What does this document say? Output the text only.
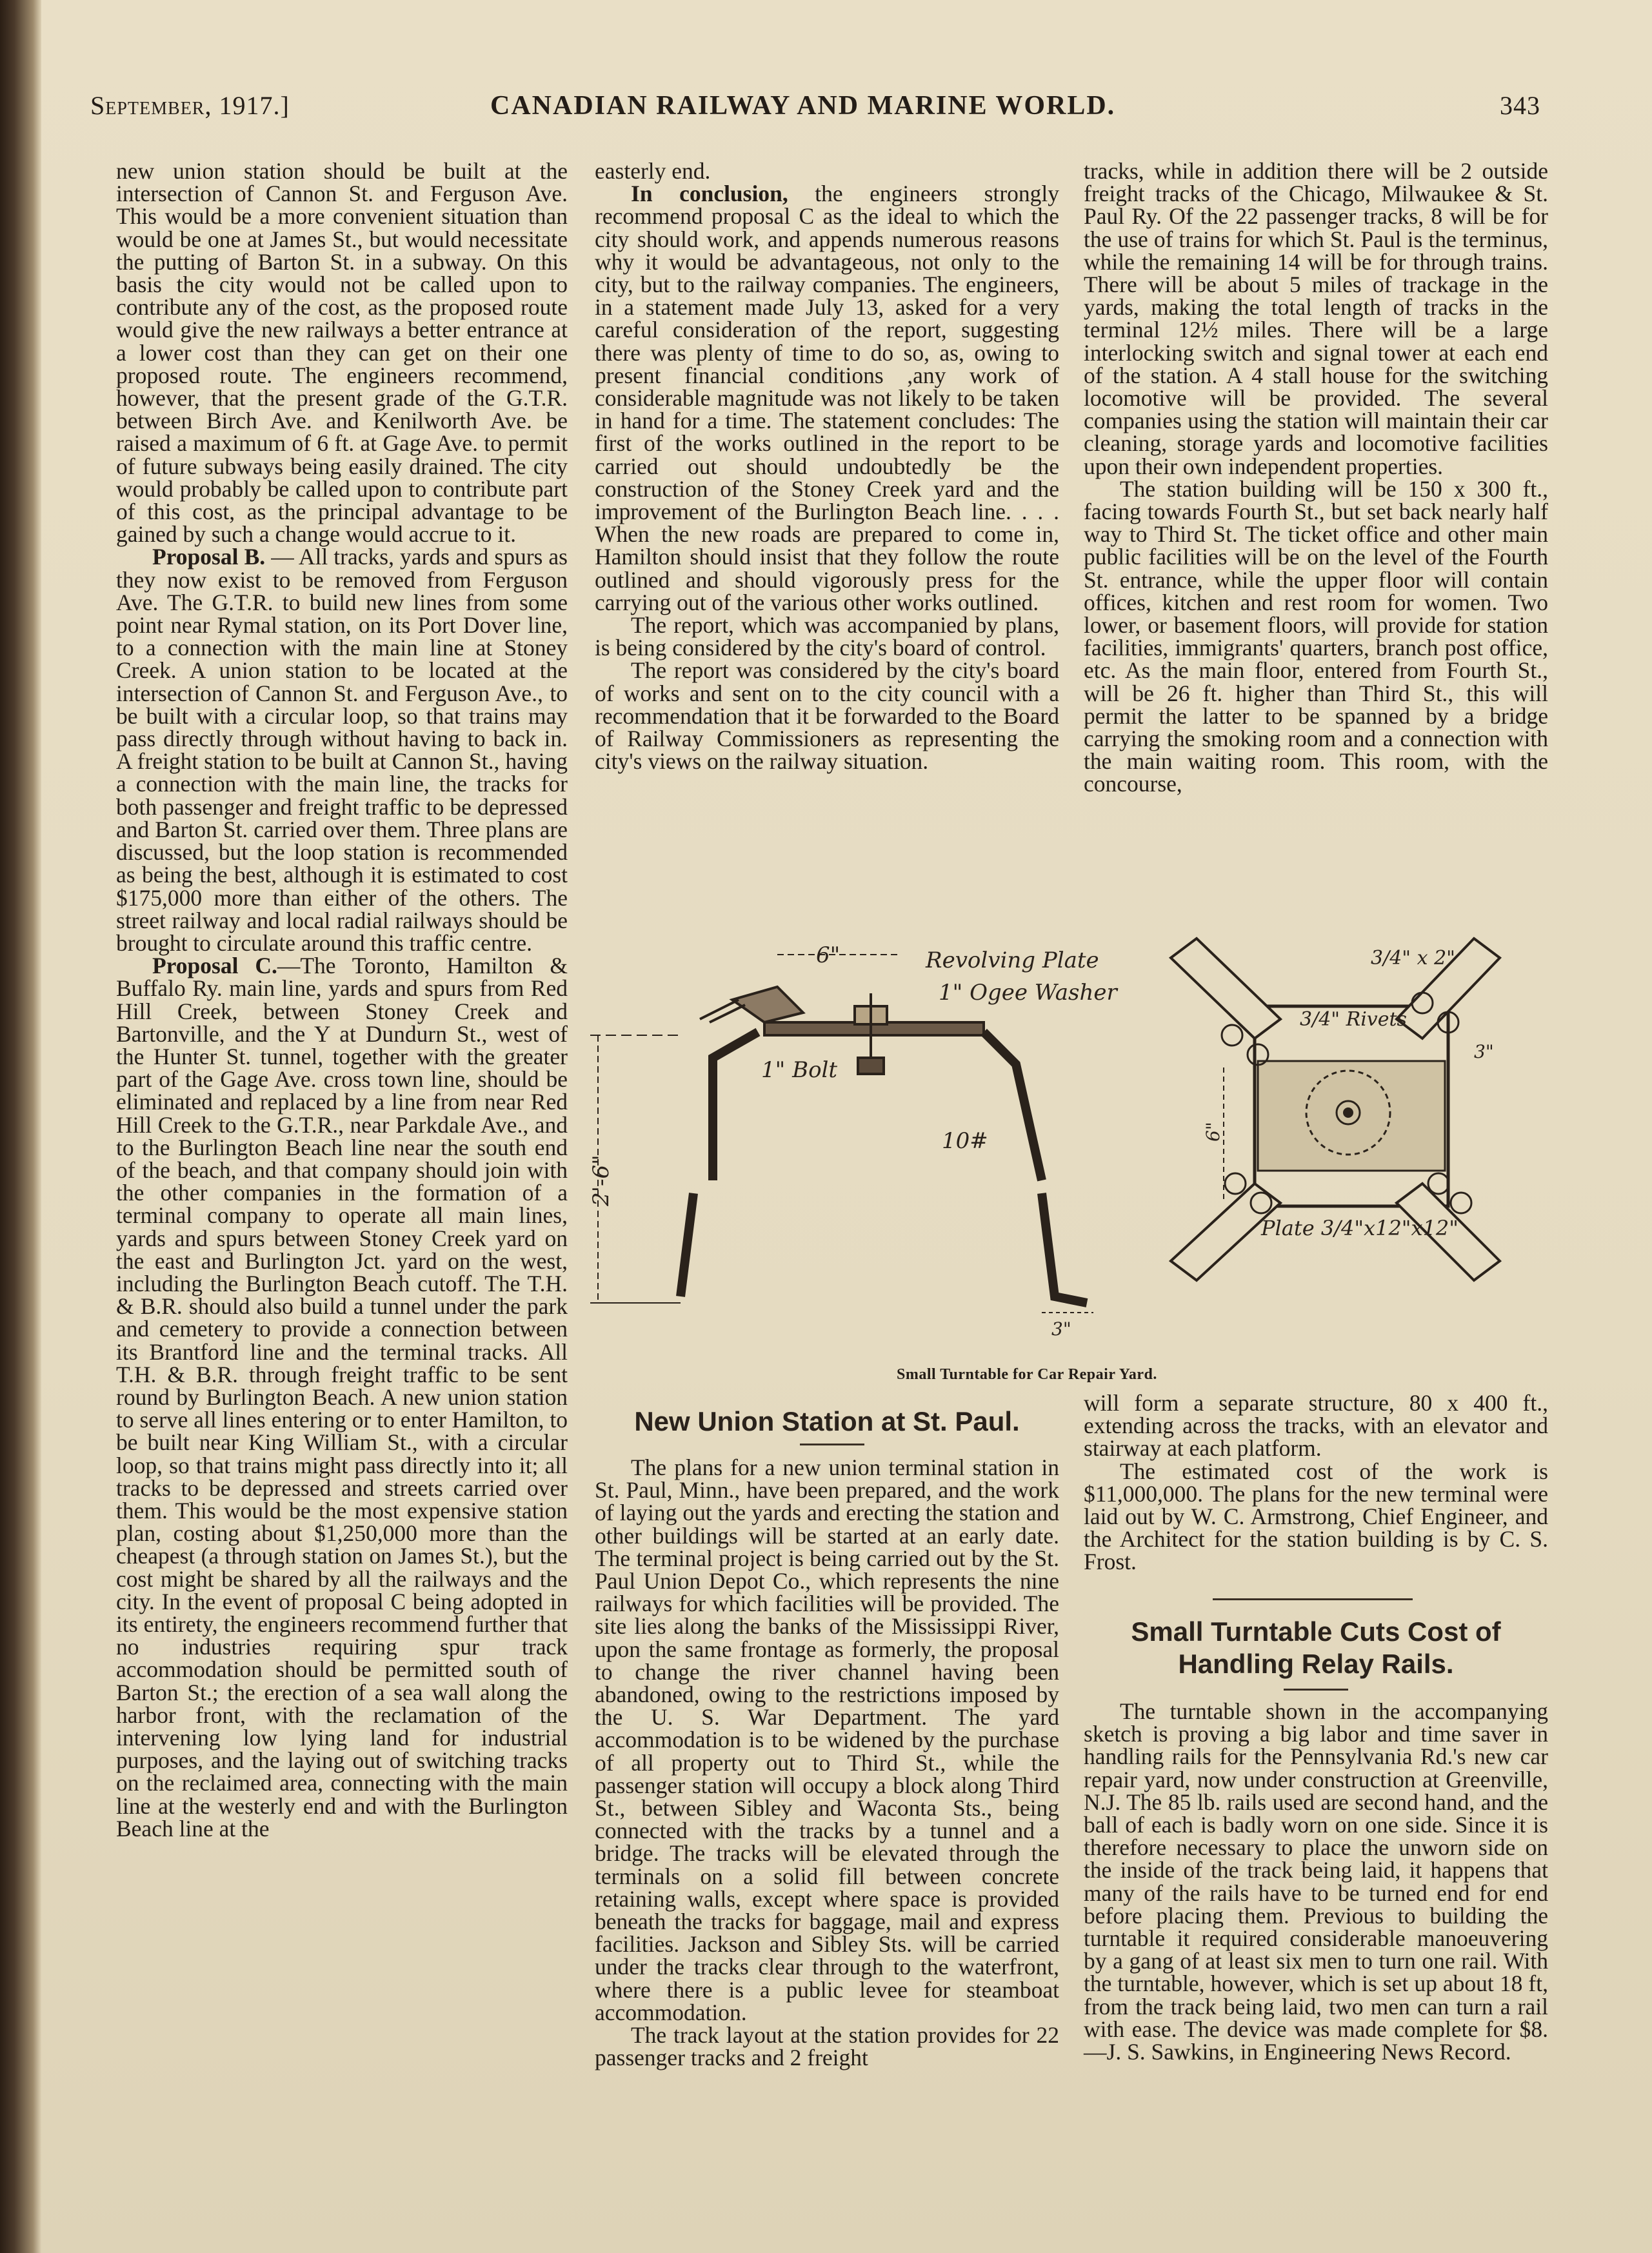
September, 1917.]	CANADIAN RAILWAY AND MARINE WORLD.	343

new union station should be built at the intersection of Cannon St. and Ferguson Ave. This would be a more convenient situation than would be one at James St., but would necessitate the putting of Barton St. in a subway. On this basis the city would not be called upon to contribute any of the cost, as the proposed route would give the new railways a better entrance at a lower cost than they can get on their one proposed route. The engineers recommend, however, that the present grade of the G.T.R. between Birch Ave. and Kenilworth Ave. be raised a maximum of 6 ft. at Gage Ave. to permit of future subways being easily drained. The city would probably be called upon to contribute part of this cost, as the principal advantage to be gained by such a change would accrue to it.

Proposal B. — All tracks, yards and spurs as they now exist to be removed from Ferguson Ave. The G.T.R. to build new lines from some point near Rymal station, on its Port Dover line, to a connection with the main line at Stoney Creek. A union station to be located at the intersection of Cannon St. and Ferguson Ave., to be built with a circular loop, so that trains may pass directly through without having to back in. A freight station to be built at Cannon St., having a connection with the main line, the tracks for both passenger and freight traffic to be depressed and Barton St. carried over them. Three plans are discussed, but the loop station is recommended as being the best, although it is estimated to cost $175,000 more than either of the others. The street railway and local radial railways should be brought to circulate around this traffic centre.

Proposal C.—The Toronto, Hamilton & Buffalo Ry. main line, yards and spurs from Red Hill Creek, between Stoney Creek and Bartonville, and the Y at Dundurn St., west of the Hunter St. tunnel, together with the greater part of the Gage Ave. cross town line, should be eliminated and replaced by a line from near Red Hill Creek to the G.T.R., near Parkdale Ave., and to the Burlington Beach line near the south end of the beach, and that company should join with the other companies in the formation of a terminal company to operate all main lines, yards and spurs between Stoney Creek yard on the east and Burlington Jct. yard on the west, including the Burlington Beach cutoff. The T.H. & B.R. should also build a tunnel under the park and cemetery to provide a connection between its Brantford line and the terminal tracks. All T.H. & B.R. through freight traffic to be sent round by Burlington Beach. A new union station to serve all lines entering or to enter Hamilton, to be built near King William St., with a circular loop, so that trains might pass directly into it; all tracks to be depressed and streets carried over them. This would be the most expensive station plan, costing about $1,250,000 more than the cheapest (a through station on James St.), but the cost might be shared by all the railways and the city. In the event of proposal C being adopted in its entirety, the engineers recommend further that no industries requiring spur track accommodation should be permitted south of Barton St.; the erection of a sea wall along the harbor front, with the reclamation of the intervening low lying land for industrial purposes, and the laying out of switching tracks on the reclaimed area, connecting with the main line at the westerly end and with the Burlington Beach line at the

easterly end.

In conclusion, the engineers strongly recommend proposal C as the ideal to which the city should work, and appends numerous reasons why it would be advantageous, not only to the city, but to the railway companies. The engineers, in a statement made July 13, asked for a very careful consideration of the report, suggesting there was plenty of time to do so, as, owing to present financial conditions ,any work of considerable magnitude was not likely to be taken in hand for a time. The statement concludes: The first of the works outlined in the report to be carried out should undoubtedly be the construction of the Stoney Creek yard and the improvement of the Burlington Beach line. . . . When the new roads are prepared to come in, Hamilton should insist that they follow the route outlined and should vigorously press for the carrying out of the various other works outlined.

The report, which was accompanied by plans, is being considered by the city's board of control.

The report was considered by the city's board of works and sent on to the city council with a recommendation that it be forwarded to the Board of Railway Commissioners as representing the city's views on the railway situation.

tracks, while in addition there will be 2 outside freight tracks of the Chicago, Milwaukee & St. Paul Ry. Of the 22 passenger tracks, 8 will be for the use of trains for which St. Paul is the terminus, while the remaining 14 will be for through trains. There will be about 5 miles of trackage in the yards, making the total length of tracks in the terminal 12½ miles. There will be a large interlocking switch and signal tower at each end of the station. A 4 stall house for the switching locomotive will be provided. The several companies using the station will maintain their car cleaning, storage yards and locomotive facilities upon their own independent properties.

The station building will be 150 x 300 ft., facing towards Fourth St., but set back nearly half way to Third St. The ticket office and other main public facilities will be on the level of the Fourth St. entrance, while the upper floor will contain offices, kitchen and rest room for women. Two lower, or basement floors, will provide for station facilities, immigrants' quarters, branch post office, etc. As the main floor, entered from Fourth St., will be 26 ft. higher than Third St., this will permit the latter to be spanned by a bridge carrying the smoking room and a connection with the main waiting room. This room, with the concourse,

6"	Revolving Plate
1" Ogee Washer
1" Bolt
2'-6"
10#
3"
3/4" x 2"
3/4" Rivets
3"
6"
Plate 3/4"x12"x12"
Small Turntable for Car Repair Yard.
New Union Station at St. Paul.

The plans for a new union terminal station in St. Paul, Minn., have been prepared, and the work of laying out the yards and erecting the station and other buildings will be started at an early date. The terminal project is being carried out by the St. Paul Union Depot Co., which represents the nine railways for which facilities will be provided. The site lies along the banks of the Mississippi River, upon the same frontage as formerly, the proposal to change the river channel having been abandoned, owing to the restrictions imposed by the U. S. War Department. The yard accommodation is to be widened by the purchase of all property out to Third St., while the passenger station will occupy a block along Third St., between Sibley and Waconta Sts., being connected with the tracks by a tunnel and a bridge. The tracks will be elevated through the terminals on a solid fill between concrete retaining walls, except where space is provided beneath the tracks for baggage, mail and express facilities. Jackson and Sibley Sts. will be carried under the tracks clear through to the waterfront, where there is a public levee for steamboat accommodation.

The track layout at the station provides for 22 passenger tracks and 2 freight

will form a separate structure, 80 x 400 ft., extending across the tracks, with an elevator and stairway at each platform.

The estimated cost of the work is $11,000,000. The plans for the new terminal were laid out by W. C. Armstrong, Chief Engineer, and the Architect for the station building is by C. S. Frost.

Small Turntable Cuts Cost of Handling Relay Rails.

The turntable shown in the accompanying sketch is proving a big labor and time saver in handling rails for the Pennsylvania Rd.'s new car repair yard, now under construction at Greenville, N.J. The 85 lb. rails used are second hand, and the ball of each is badly worn on one side. Since it is therefore necessary to place the unworn side on the inside of the track being laid, it happens that many of the rails have to be turned end for end before placing them. Previous to building the turntable it required considerable manoeuvering by a gang of at least six men to turn one rail. With the turntable, however, which is set up about 18 ft, from the track being laid, two men can turn a rail with ease. The device was made complete for $8.—J. S. Sawkins, in Engineering News Record.
